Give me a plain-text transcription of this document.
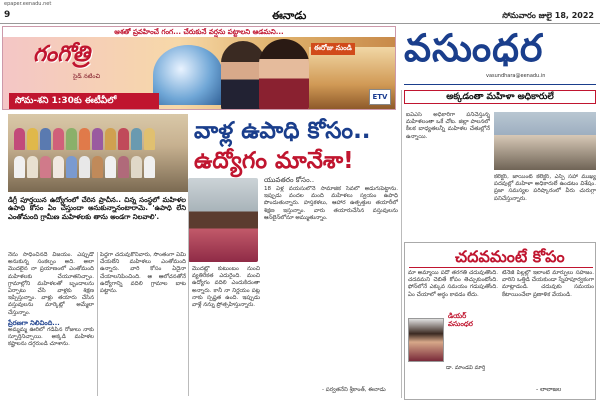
epaper.eenadu.net
9	ఈనాడు	సోమవారం జులై 18, 2022
ఆశతో ప్రవహించే గంగ... చేరుకునే వర్షను పట్టాలని ఆడమని...
గంగోత్రి
సైడ్ నటించి
సోమ-శని 1:30కు ఈటీవీలో
ఈరోజు నుండి
ETV
వసుంధర
vasundhara@eenadu.in
వాళ్ల ఉపాధి కోసం..
ఉద్యోగం మానేశా!
యువతరం కోసం..
డిగ్రీ పూర్తయిన ఉద్యోగంలో చేరిన ప్రాచీన.. చిన్న సంస్థలో మహిళల ఉపాధి కోసం ఏం చేస్తుందా అనుకున్నానంటారామె. 'ఉపాధి లేని ఎంతోమంది గ్రామీణ మహిళలకు తాను అండగా నిలవాలి'.
నేను సాధించినదే విజయం. ఎప్పుడో అనుకున్న సంకల్పం అది. అలా మొదలైన నా ప్రయాణంలో ఎంతోమంది మహిళలకు చేయూతనిచ్చాం. గ్రామాల్లోని మహిళలతో బృందాలను ఏర్పాటు చేసి వాళ్లకు శిక్షణ ఇప్పిస్తున్నాం. వాళ్లు తయారు చేసిన వస్తువులను మార్కెట్లో అమ్మేలా చేస్తున్నాం.
ప్రేరణగా నిలిచింది...
అమ్మమ్మ ఊరిలో గడిపిన రోజులు నాకు స్ఫూర్తినిచ్చాయి. అక్కడి మహిళల కష్టాలను దగ్గరుండి చూశాను.
పెద్దగా చదువుకోనివారు, సొంతంగా ఏమీ చేయలేని మహిళలు ఎంతోమంది ఉన్నారు. వారి కోసం ఏదైనా చేయాలనిపించింది. ఆ ఆలోచనతోనే ఉద్యోగాన్ని వదిలి గ్రామాల బాట పట్టాను.
18 ఏళ్ల వయసులోనే సామాజిక సేవలో అడుగుపెట్టాను. ఇప్పుడు వందల మంది మహిళలు స్వయం ఉపాధి పొందుతున్నారు. హస్తకళలు, ఆహార ఉత్పత్తుల తయారీలో శిక్షణ ఇస్తున్నాం. వారు తయారుచేసిన వస్తువులను ఆన్‌లైన్‌లోనూ అమ్ముతున్నాం.
మొదట్లో కుటుంబం నుంచి వ్యతిరేకత ఎదురైంది. మంచి ఉద్యోగం వదిలి ఎందుకిదంతా అన్నారు. కానీ నా నిర్ణయం పట్ల నాకు స్పష్టత ఉంది. ఇప్పుడు వాళ్లే నన్ను ప్రోత్సహిస్తున్నారు.
- పర్వతనేని శ్రీకాంత్, ఈనాడు
అక్కడంతా మహిళా అధికారులే
ఐఏఎస్ అధికారిగా పనిచేస్తున్న మహిళలంతా ఒకే చోట. జిల్లా పాలనలో కీలక బాధ్యతలన్నీ మహిళల చేతుల్లోనే ఉన్నాయి.
కలెక్టర్, జాయింట్ కలెక్టర్, ఎస్పీ సహా ముఖ్య పదవుల్లో మహిళా అధికారులే ఉండటం విశేషం. ప్రజా సమస్యల పరిష్కారంలో వీరు చురుగ్గా పనిచేస్తున్నారు.
చదవమంటే కోపం
మా అమ్మాయి పదో తరగతి చదువుతోంది. చదవమని చెబితే కోపం తెచ్చుకుంటోంది. ఫోన్‌లోనే ఎక్కువ సమయం గడుపుతోంది. ఏం చేయాలో అర్థం కావడం లేదు.
డియర్
వసుంధర
డా. మాండవి మార్తి
టీనేజీ పిల్లల్లో ఇలాంటి మార్పులు సహజం. వారిని ఒత్తిడి చేయకుండా స్నేహపూర్వకంగా మాట్లాడండి. చదువుకు సమయం కేటాయించేలా ప్రణాళిక వేయండి.
- లాలాజల
